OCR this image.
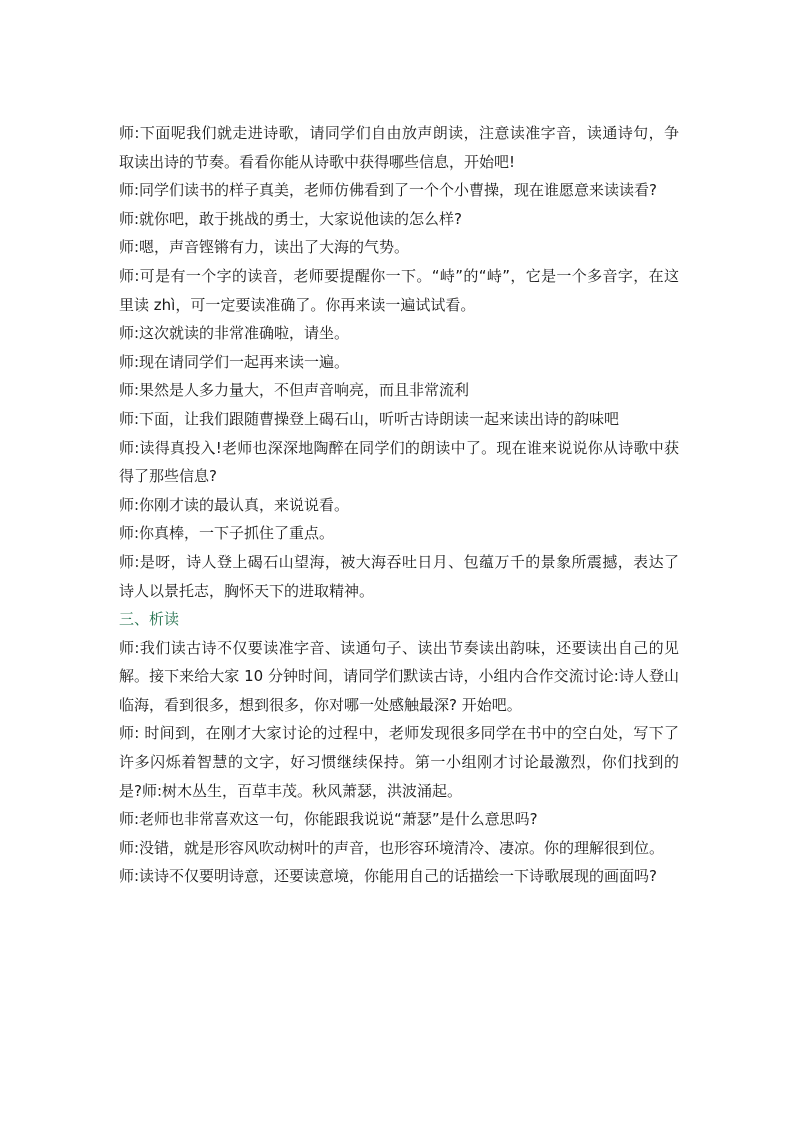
师:下面呢我们就走进诗歌，请同学们自由放声朗读，注意读准字音，读通诗句，争取读出诗的节奏。看看你能从诗歌中获得哪些信息，开始吧!

师:同学们读书的样子真美，老师仿佛看到了一个个小曹操，现在谁愿意来读读看?

师:就你吧，敢于挑战的勇士，大家说他读的怎么样?

师:嗯，声音铿锵有力，读出了大海的气势。

师:可是有一个字的读音，老师要提醒你一下。“峙”的“峙”，它是一个多音字，在这里读 zhì，可一定要读准确了。你再来读一遍试试看。

师:这次就读的非常准确啦，请坐。

师:现在请同学们一起再来读一遍。

师:果然是人多力量大，不但声音响亮，而且非常流利

师:下面，让我们跟随曹操登上碣石山，听听古诗朗读一起来读出诗的韵味吧

师:读得真投入!老师也深深地陶醉在同学们的朗读中了。现在谁来说说你从诗歌中获得了那些信息?

师:你刚才读的最认真，来说说看。

师:你真棒，一下子抓住了重点。

师:是呀，诗人登上碣石山望海，被大海吞吐日月、包蕴万千的景象所震撼，表达了诗人以景托志，胸怀天下的进取精神。

三、析读

师:我们读古诗不仅要读准字音、读通句子、读出节奏读出韵味，还要读出自己的见解。接下来给大家 10 分钟时间，请同学们默读古诗，小组内合作交流讨论:诗人登山临海，看到很多，想到很多，你对哪一处感触最深? 开始吧。

师: 时间到，在刚才大家讨论的过程中，老师发现很多同学在书中的空白处，写下了许多闪烁着智慧的文字，好习惯继续保持。第一小组刚才讨论最激烈，你们找到的是?师:树木丛生，百草丰茂。秋风萧瑟，洪波涌起。

师:老师也非常喜欢这一句，你能跟我说说“萧瑟”是什么意思吗?

师:没错，就是形容风吹动树叶的声音，也形容环境清冷、凄凉。你的理解很到位。

师:读诗不仅要明诗意，还要读意境，你能用自己的话描绘一下诗歌展现的画面吗?
